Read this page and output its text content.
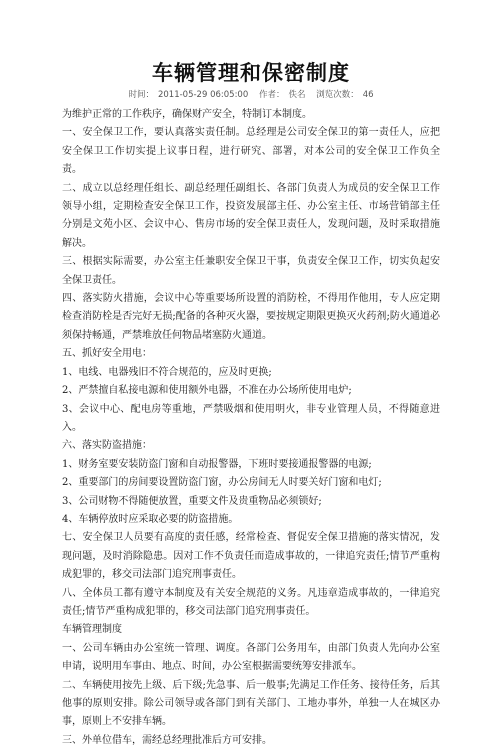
车辆管理和保密制度
时间： 2011-05-29 06:05:00 作者： 佚名 浏览次数： 46

为维护正常的工作秩序，确保财产安全，特制订本制度。

一、安全保卫工作，要认真落实责任制。总经理是公司安全保卫的第一责任人，应把安全保卫工作切实提上议事日程，进行研究、部署，对本公司的安全保卫工作负全责。

二、成立以总经理任组长、副总经理任副组长、各部门负责人为成员的安全保卫工作领导小组，定期检查安全保卫工作，投资发展部主任、办公室主任、市场营销部主任分别是文苑小区、会议中心、售房市场的安全保卫责任人，发现问题，及时采取措施解决。

三、根据实际需要，办公室主任兼职安全保卫干事，负责安全保卫工作，切实负起安全保卫责任。

四、落实防火措施，会议中心等重要场所设置的消防栓，不得用作他用，专人应定期检查消防栓是否完好无损;配备的各种灭火器，要按规定期限更换灭火药剂;防火通道必须保持畅通，严禁堆放任何物品堵塞防火通道。

五、抓好安全用电：

1、电线、电器残旧不符合规范的，应及时更换;

2、严禁擅自私接电源和使用额外电器，不准在办公场所使用电炉;

3、会议中心、配电房等重地，严禁吸烟和使用明火，非专业管理人员，不得随意进入。

六、落实防盗措施：

1、财务室要安装防盗门窗和自动报警器，下班时要接通报警器的电源;

2、重要部门的房间要设置防盗门窗，办公房间无人时要关好门窗和电灯;

3、公司财物不得随便放置，重要文件及贵重物品必须锁好;

4、车辆停放时应采取必要的防盗措施。

七、安全保卫人员要有高度的责任感，经常检查、督促安全保卫措施的落实情况，发现问题，及时消除隐患。因对工作不负责任而造成事故的，一律追究责任;情节严重构成犯罪的，移交司法部门追究刑事责任。

八、全体员工都有遵守本制度及有关安全规范的义务。凡违章造成事故的，一律追究责任;情节严重构成犯罪的，移交司法部门追究刑事责任。

车辆管理制度

一、公司车辆由办公室统一管理、调度。各部门公务用车，由部门负责人先向办公室申请，说明用车事由、地点、时间，办公室根据需要统筹安排派车。

二、车辆使用按先上级、后下级;先急事、后一般事;先满足工作任务、接待任务，后其他事的原则安排。除公司领导或各部门到有关部门、工地办事外，单独一人在城区办事，原则上不安排车辆。

三、外单位借车，需经总经理批准后方可安排。
